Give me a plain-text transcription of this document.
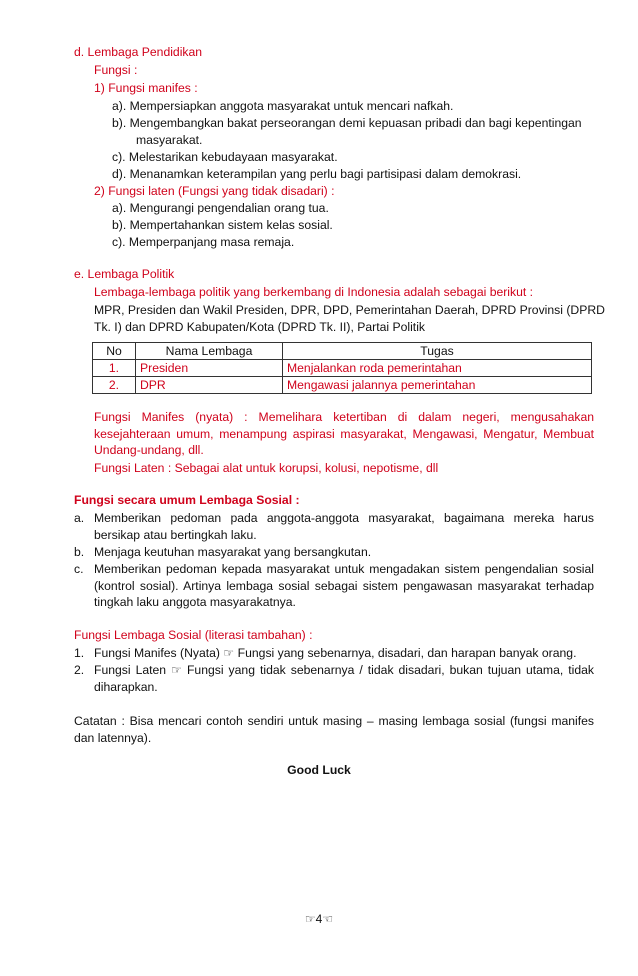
d. Lembaga Pendidikan
Fungsi :
1) Fungsi manifes :
a). Mempersiapkan anggota masyarakat untuk mencari nafkah.
b). Mengembangkan bakat perseorangan demi kepuasan pribadi dan bagi kepentingan
masyarakat.
c). Melestarikan kebudayaan masyarakat.
d). Menanamkan keterampilan yang perlu bagi partisipasi dalam demokrasi.
2) Fungsi laten (Fungsi yang tidak disadari) :
a). Mengurangi pengendalian orang tua.
b). Mempertahankan sistem kelas sosial.
c). Memperpanjang masa remaja.
e. Lembaga Politik
Lembaga-lembaga politik yang berkembang di Indonesia adalah sebagai berikut :
MPR, Presiden dan Wakil Presiden, DPR, DPD, Pemerintahan Daerah, DPRD Provinsi (DPRD
Tk. I) dan DPRD Kabupaten/Kota (DPRD Tk. II), Partai Politik
No	Nama Lembaga	Tugas
1.	Presiden	Menjalankan roda pemerintahan
2.	DPR	Mengawasi jalannya pemerintahan
Fungsi Manifes (nyata) : Memelihara ketertiban di dalam negeri, mengusahakan kesejahteraan umum, menampung aspirasi masyarakat, Mengawasi, Mengatur, Membuat Undang-undang, dll.
Fungsi Laten : Sebagai alat untuk korupsi, kolusi, nepotisme, dll
Fungsi secara umum Lembaga Sosial :
a. Memberikan pedoman pada anggota-anggota masyarakat, bagaimana mereka harus bersikap atau bertingkah laku.
b. Menjaga keutuhan masyarakat yang bersangkutan.
c. Memberikan pedoman kepada masyarakat untuk mengadakan sistem pengendalian sosial (kontrol sosial). Artinya lembaga sosial sebagai sistem pengawasan masyarakat terhadap tingkah laku anggota masyarakatnya.
Fungsi Lembaga Sosial (literasi tambahan) :
1. Fungsi Manifes (Nyata) ☞ Fungsi yang sebenarnya, disadari, dan harapan banyak orang.
2. Fungsi Laten ☞ Fungsi yang tidak sebenarnya / tidak disadari, bukan tujuan utama, tidak diharapkan.
Catatan : Bisa mencari contoh sendiri untuk masing – masing lembaga sosial (fungsi manifes dan latennya).
Good Luck
☞4☜
